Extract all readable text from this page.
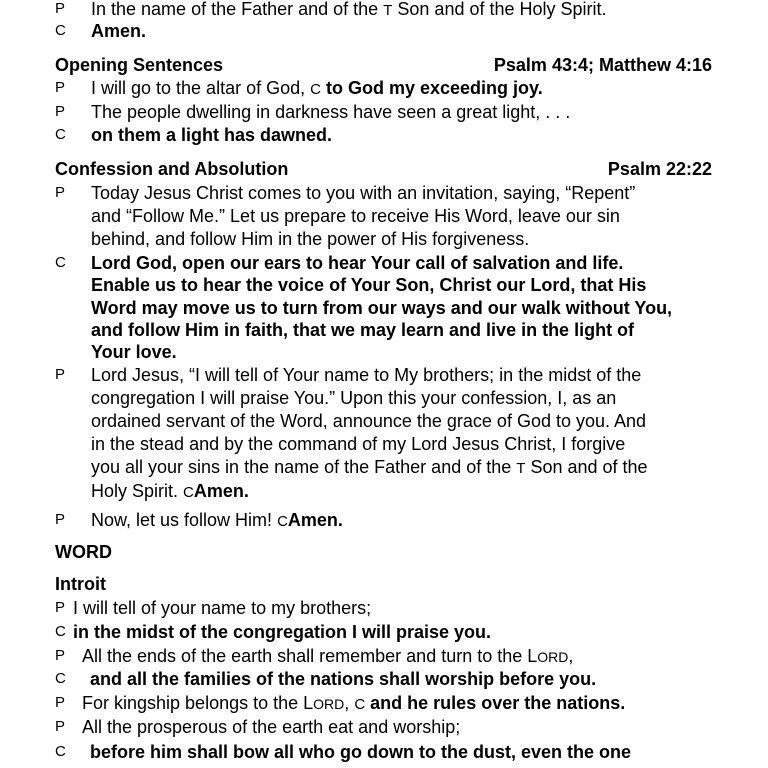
P In the name of the Father and of the T Son and of the Holy Spirit.
C Amen.
Opening Sentences	Psalm 43:4; Matthew 4:16
P I will go to the altar of God, C to God my exceeding joy.
P The people dwelling in darkness have seen a great light, . . .
C on them a light has dawned.
Confession and Absolution	Psalm 22:22
P Today Jesus Christ comes to you with an invitation, saying, “Repent”
and “Follow Me.” Let us prepare to receive His Word, leave our sin
behind, and follow Him in the power of His forgiveness.
C Lord God, open our ears to hear Your call of salvation and life.
Enable us to hear the voice of Your Son, Christ our Lord, that His
Word may move us to turn from our ways and our walk without You,
and follow Him in faith, that we may learn and live in the light of
Your love.
P Lord Jesus, “I will tell of Your name to My brothers; in the midst of the
congregation I will praise You.” Upon this your confession, I, as an
ordained servant of the Word, announce the grace of God to you. And
in the stead and by the command of my Lord Jesus Christ, I forgive
you all your sins in the name of the Father and of the T Son and of the
Holy Spirit. CAmen.
P Now, let us follow Him! CAmen.
WORD
Introit
P I will tell of your name to my brothers;
C in the midst of the congregation I will praise you.
P All the ends of the earth shall remember and turn to the LORD,
C and all the families of the nations shall worship before you.
P For kingship belongs to the LORD, C and he rules over the nations.
P All the prosperous of the earth eat and worship;
C before him shall bow all who go down to the dust, even the one
